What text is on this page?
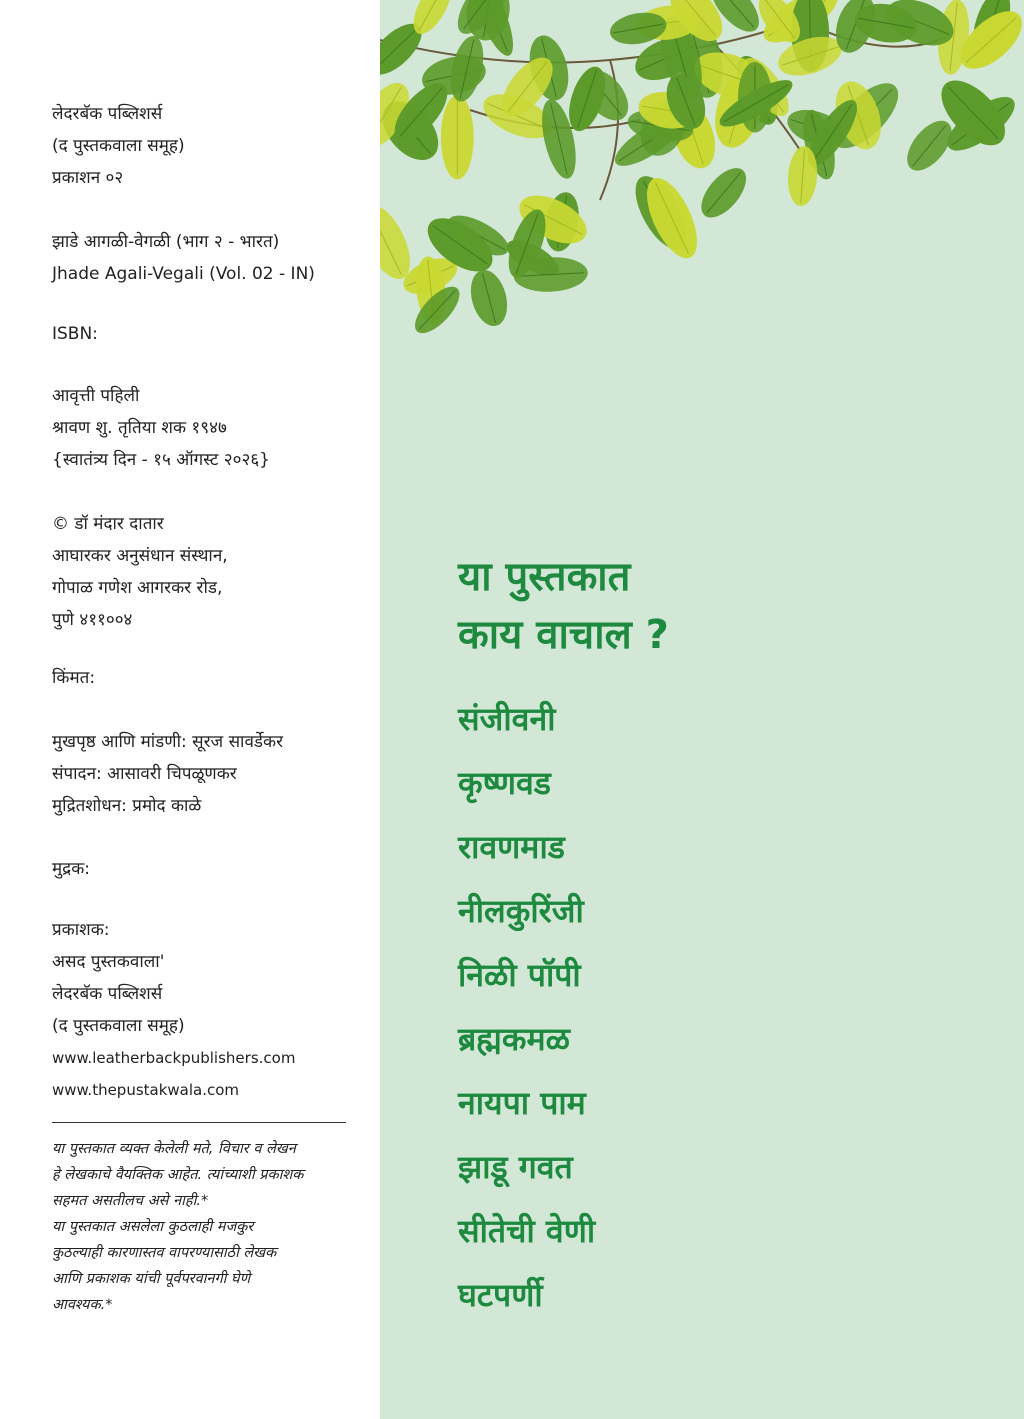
लेदरबॅक पब्लिशर्स
(द पुस्तकवाला समूह)
प्रकाशन ०२
झाडे आगळी-वेगळी (भाग २ - भारत)
Jhade Agali-Vegali (Vol. 02 - IN)
ISBN:
आवृत्ती पहिली
श्रावण शु. तृतिया शक १९४७
{स्वातंत्र्य दिन - १५ ऑगस्ट २०२६}
© डॉ मंदार दातार
आघारकर अनुसंधान संस्थान,
गोपाळ गणेश आगरकर रोड,
पुणे ४११००४
किंमत:
मुखपृष्ठ आणि मांडणी: सूरज सावर्डेकर
संपादन: आसावरी चिपळूणकर
मुद्रितशोधन: प्रमोद काळे
मुद्रक:
प्रकाशक:
असद पुस्तकवाला'
लेदरबॅक पब्लिशर्स
(द पुस्तकवाला समूह)
www.leatherbackpublishers.com
www.thepustakwala.com
या पुस्तकात व्यक्त केलेली मते, विचार व लेखन
हे लेखकाचे वैयक्तिक आहेत. त्यांच्याशी प्रकाशक
सहमत असतीलच असे नाही.*
या पुस्तकात असलेला कुठलाही मजकुर
कुठल्याही कारणास्तव वापरण्यासाठी लेखक
आणि प्रकाशक यांची पूर्वपरवानगी घेणे
आवश्यक.*
या पुस्तकात
काय वाचाल ?
संजीवनी
कृष्णवड
रावणमाड
नीलकुरिंजी
निळी पॉपी
ब्रह्मकमळ
नायपा पाम
झाडू गवत
सीतेची वेणी
घटपर्णी
